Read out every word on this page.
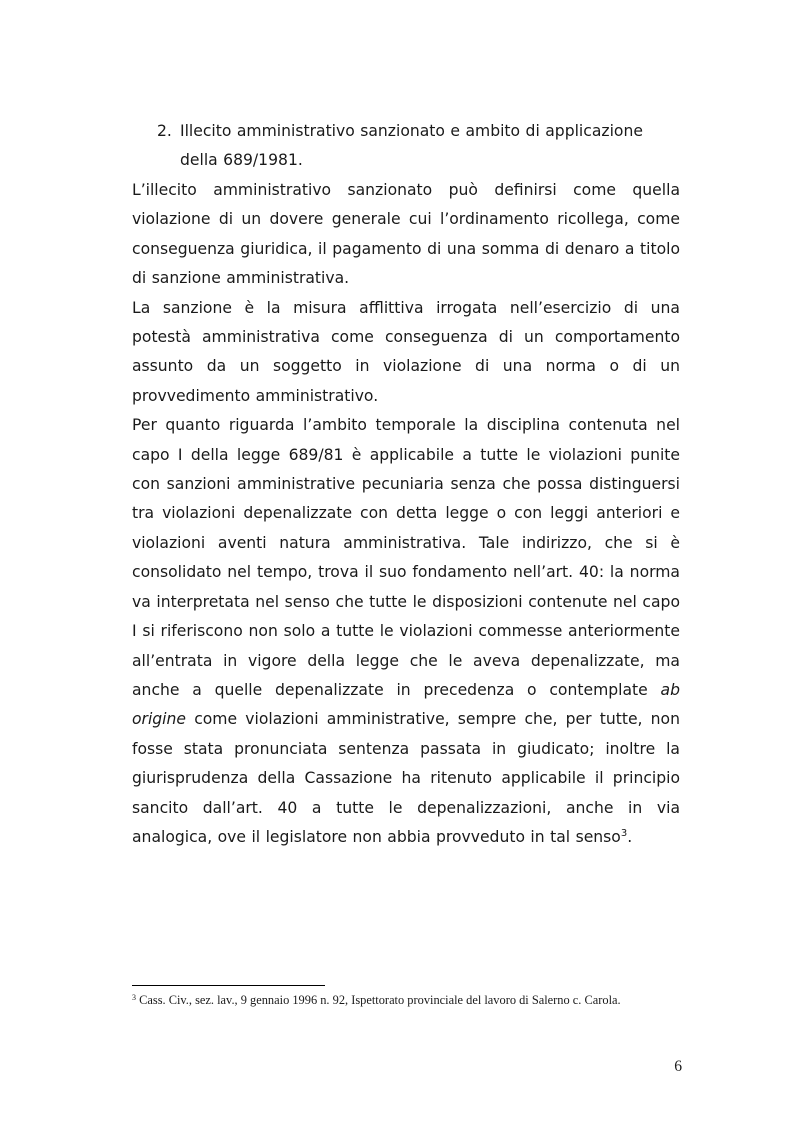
2. Illecito amministrativo sanzionato e ambito di applicazione
della 689/1981.

L’illecito amministrativo sanzionato può definirsi come quella violazione di un dovere generale cui l’ordinamento ricollega, come conseguenza giuridica, il pagamento di una somma di denaro a titolo di sanzione amministrativa.

La sanzione è la misura afflittiva irrogata nell’esercizio di una potestà amministrativa come conseguenza di un comportamento assunto da un soggetto in violazione di una norma o di un provvedimento amministrativo.

Per quanto riguarda l’ambito temporale la disciplina contenuta nel capo I della legge 689/81 è applicabile a tutte le violazioni punite con sanzioni amministrative pecuniaria senza che possa distinguersi tra violazioni depenalizzate con detta legge o con leggi anteriori e violazioni aventi natura amministrativa. Tale indirizzo, che si è consolidato nel tempo, trova il suo fondamento nell’art. 40: la norma va interpretata nel senso che tutte le disposizioni contenute nel capo I si riferiscono non solo a tutte le violazioni commesse anteriormente all’entrata in vigore della legge che le aveva depenalizzate, ma anche a quelle depenalizzate in precedenza o contemplate ab origine come violazioni amministrative, sempre che, per tutte, non fosse stata pronunciata sentenza passata in giudicato; inoltre la giurisprudenza della Cassazione ha ritenuto applicabile il principio sancito dall’art. 40 a tutte le depenalizzazioni, anche in via analogica, ove il legislatore non abbia provveduto in tal senso$^3$.

$^3$ Cass. Civ., sez. lav., 9 gennaio 1996 n. 92, Ispettorato provinciale del lavoro di Salerno c. Carola.
6
